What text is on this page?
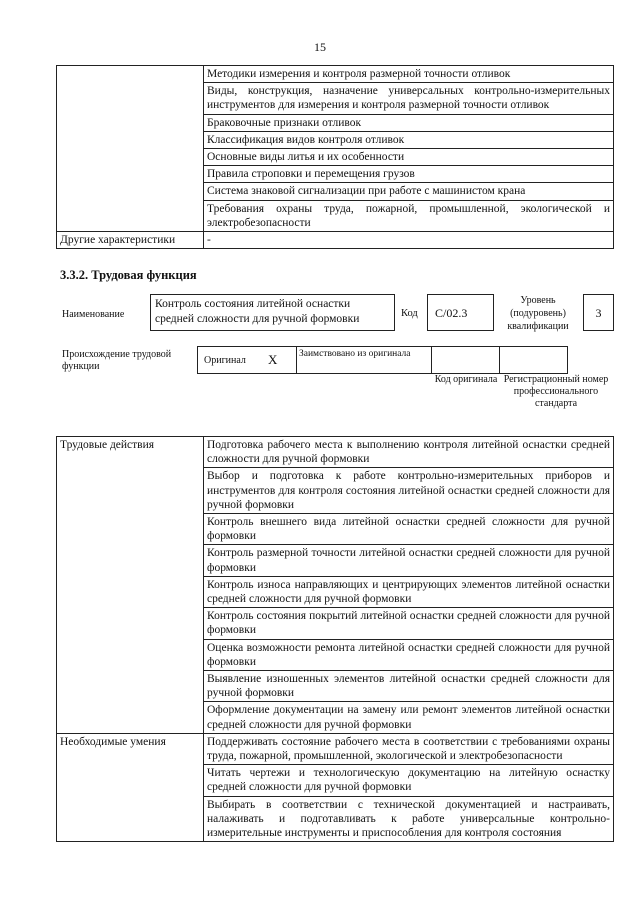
15
	Методики измерения и контроля размерной точности отливок
	Виды, конструкция, назначение универсальных контрольно-измерительных инструментов для измерения и контроля размерной точности отливок
	Браковочные признаки отливок
	Классификация видов контроля отливок
	Основные виды литья и их особенности
	Правила строповки и перемещения грузов
	Система знаковой сигнализации при работе с машинистом крана
	Требования охраны труда, пожарной, промышленной, экологической и электробезопасности
Другие характеристики	-
3.3.2. Трудовая функция
Наименование
Контроль состояния литейной оснастки средней сложности для ручной формовки	Код	С/02.3
Уровень (подуровень) квалификации
3
Происхождение трудовой функции
Оригинал X Заимствовано из оригинала
Код оригинала Регистрационный номер профессионального стандарта
Трудовые действия	Подготовка рабочего места к выполнению контроля литейной оснастки средней сложности для ручной формовки
	Выбор и подготовка к работе контрольно-измерительных приборов и инструментов для контроля состояния литейной оснастки средней сложности для ручной формовки
	Контроль внешнего вида литейной оснастки средней сложности для ручной формовки
	Контроль размерной точности литейной оснастки средней сложности для ручной формовки
	Контроль износа направляющих и центрирующих элементов литейной оснастки средней сложности для ручной формовки
	Контроль состояния покрытий литейной оснастки средней сложности для ручной формовки
	Оценка возможности ремонта литейной оснастки средней сложности для ручной формовки
	Выявление изношенных элементов литейной оснастки средней сложности для ручной формовки
	Оформление документации на замену или ремонт элементов литейной оснастки средней сложности для ручной формовки
Необходимые умения	Поддерживать состояние рабочего места в соответствии с требованиями охраны труда, пожарной, промышленной, экологической и электробезопасности
	Читать чертежи и технологическую документацию на литейную оснастку средней сложности для ручной формовки
	Выбирать в соответствии с технической документацией и настраивать, налаживать и подготавливать к работе универсальные контрольно-измерительные инструменты и приспособления для контроля состояния
